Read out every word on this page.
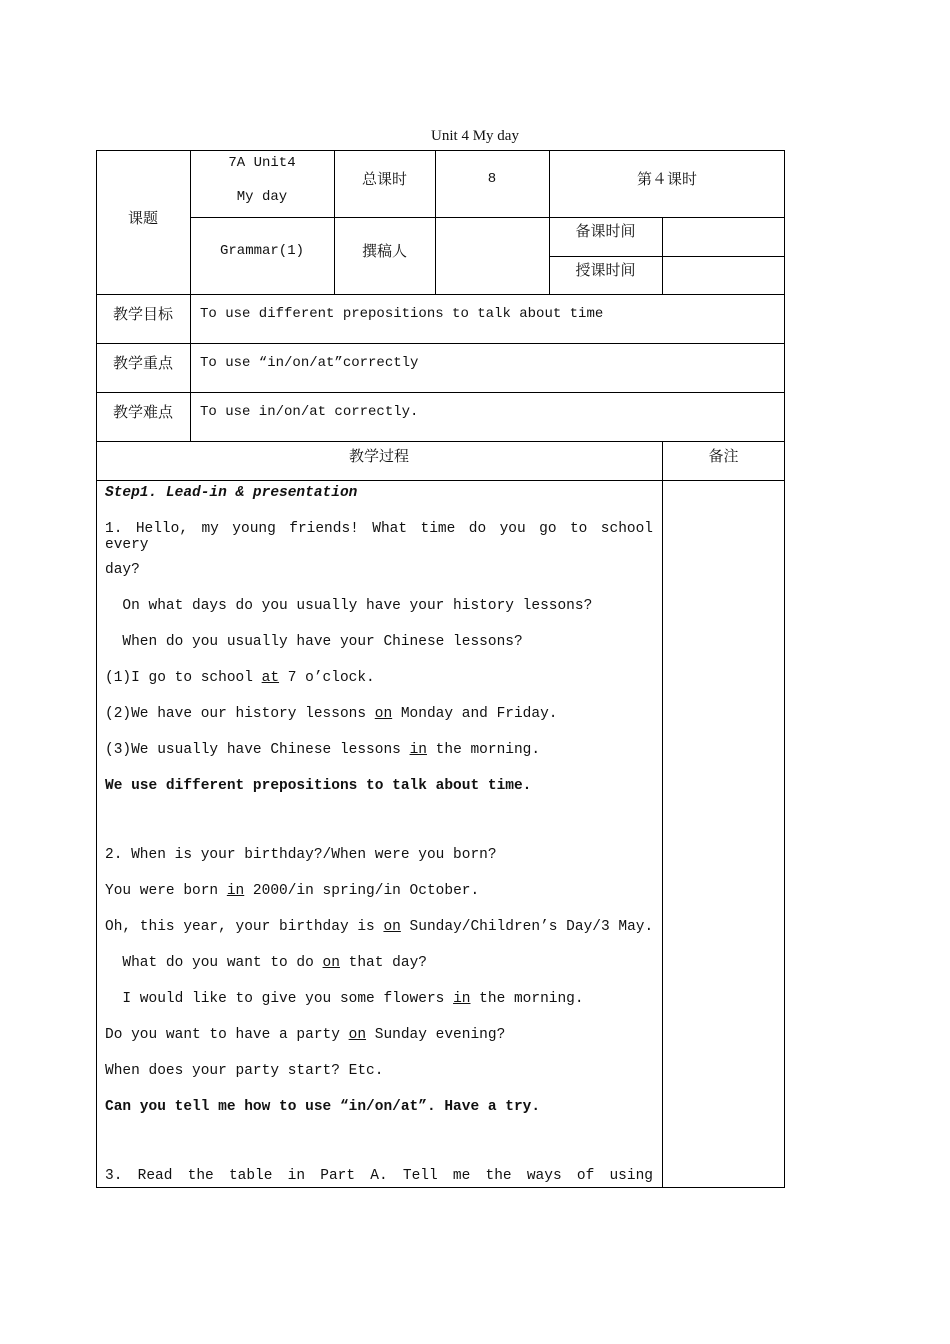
Unit 4 My day
课题
7A Unit4
My day
总课时	8	第４课时
Grammar(1)	撰稿人
备课时间
授课时间
教学目标	To use different prepositions to talk about time
教学重点	To use “in/on/at”correctly
教学难点	To use in/on/at correctly.
教学过程	备注
Step1. Lead-in & presentation
1. Hello, my young friends! What time do you go to school every
day?
On what days do you usually have your history lessons?
When do you usually have your Chinese lessons?
(1)I go to school at 7 o’clock.
(2)We have our history lessons on Monday and Friday.
(3)We usually have Chinese lessons in the morning.
We use different prepositions to talk about time.
2. When is your birthday?/When were you born?
You were born in 2000/in spring/in October.
Oh, this year, your birthday is on Sunday/Children’s Day/3 May.
What do you want to do on that day?
I would like to give you some flowers in the morning.
Do you want to have a party on Sunday evening?
When does your party start? Etc.
Can you tell me how to use “in/on/at”. Have a try.
3. Read the table in Part A. Tell me the ways of using
